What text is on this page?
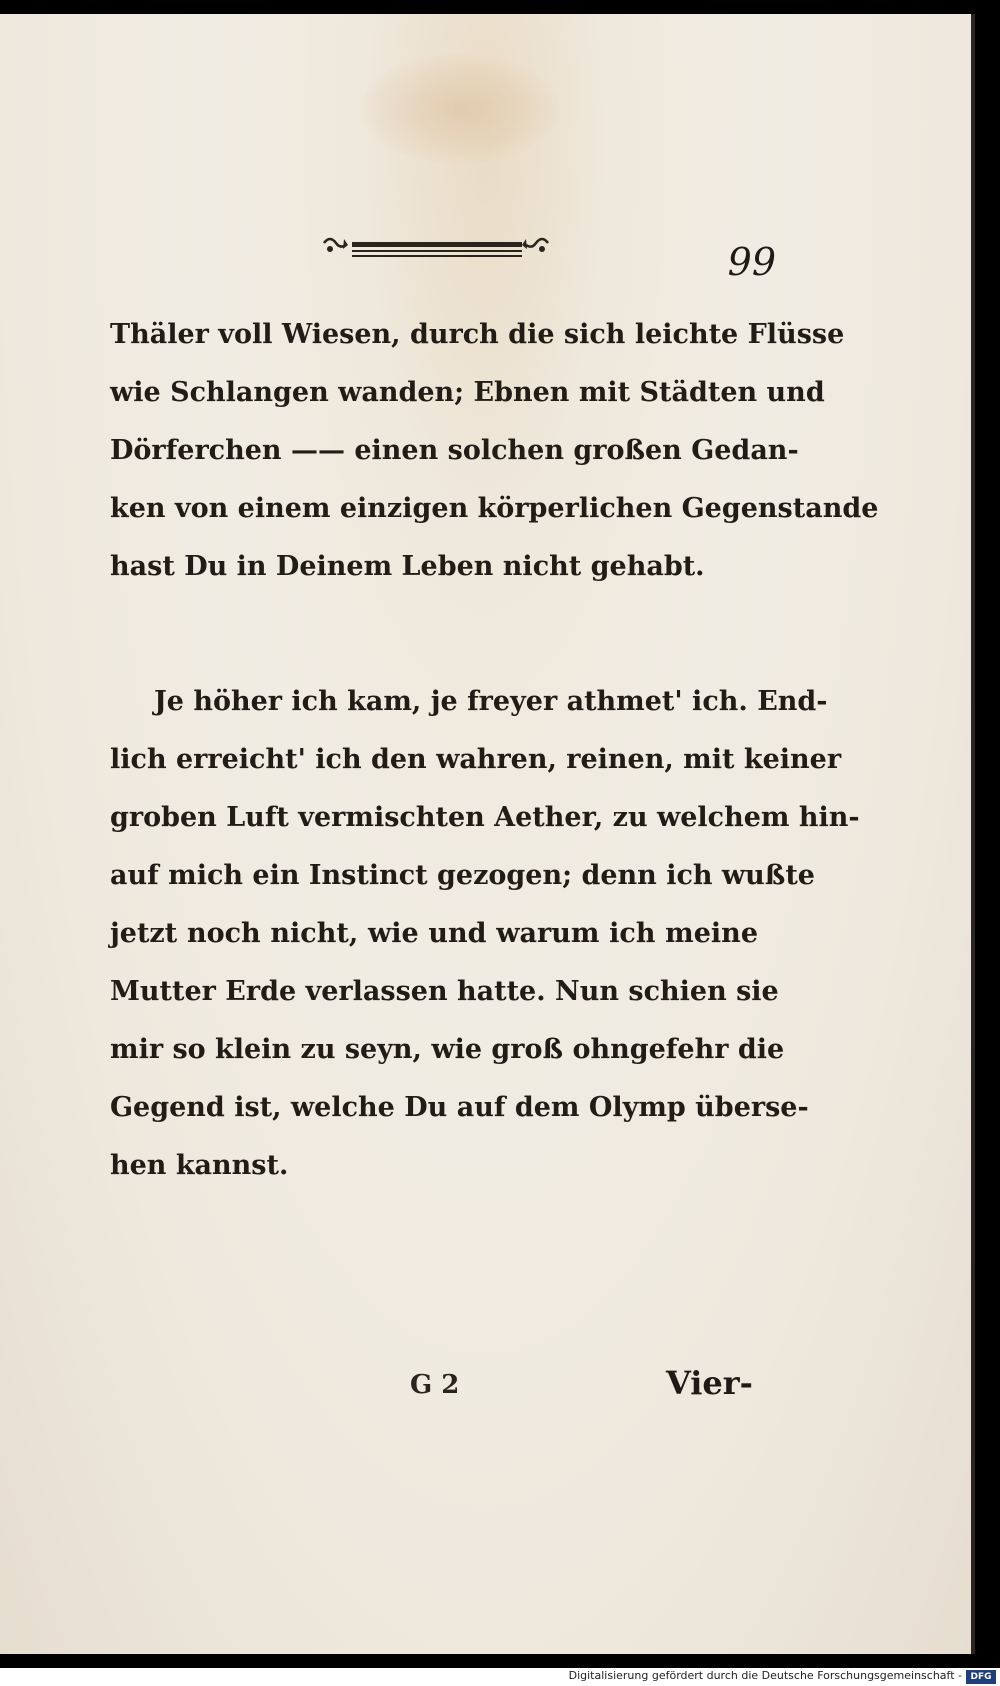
99
Thäler voll Wiesen, durch die sich leichte Flüsse
wie Schlangen wanden; Ebnen mit Städten und
Dörferchen —— einen solchen großen Gedan-
ken von einem einzigen körperlichen Gegenstande
hast Du in Deinem Leben nicht gehabt.
Je höher ich kam, je freyer athmet' ich. End-
lich erreicht' ich den wahren, reinen, mit keiner
groben Luft vermischten Aether, zu welchem hin-
auf mich ein Instinct gezogen; denn ich wußte
jetzt noch nicht, wie und warum ich meine
Mutter Erde verlassen hatte. Nun schien sie
mir so klein zu seyn, wie groß ohngefehr die
Gegend ist, welche Du auf dem Olymp überse-
hen kannst.
G 2	Vier-
Digitalisierung gefördert durch die Deutsche Forschungsgemeinschaft - DFG
